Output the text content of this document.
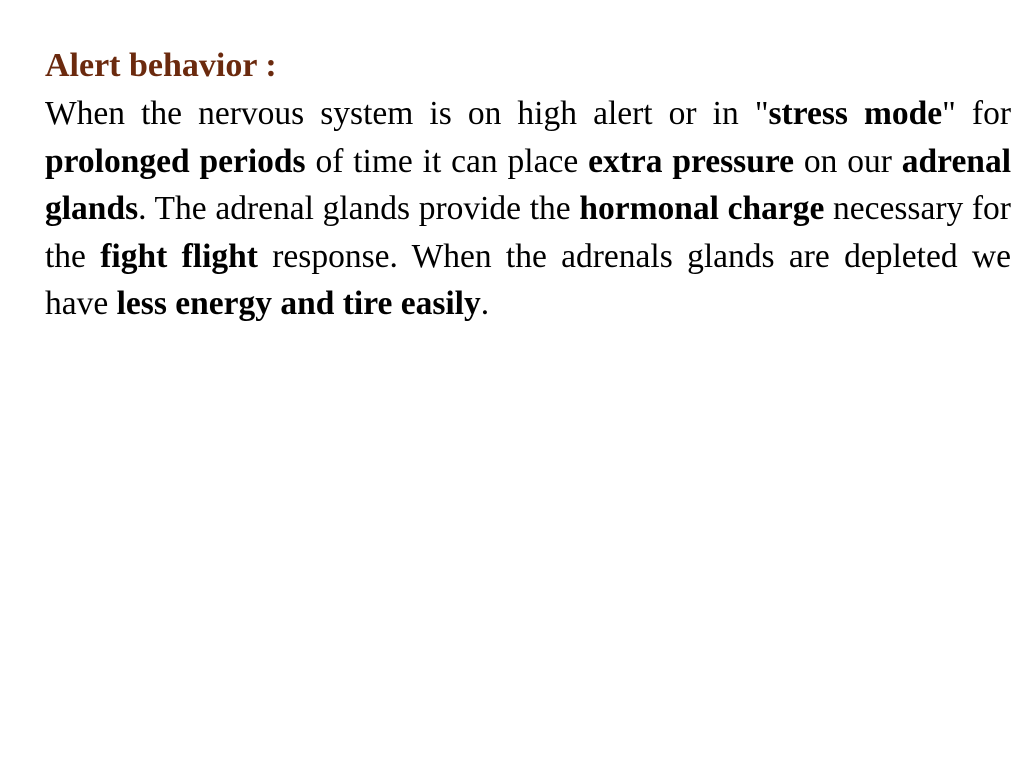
Alert behavior :

When the nervous system is on high alert or in "stress mode" for prolonged periods of time it can place extra pressure on our adrenal glands. The adrenal glands provide the hormonal charge necessary for the fight flight response. When the adrenals glands are depleted we have less energy and tire easily.
